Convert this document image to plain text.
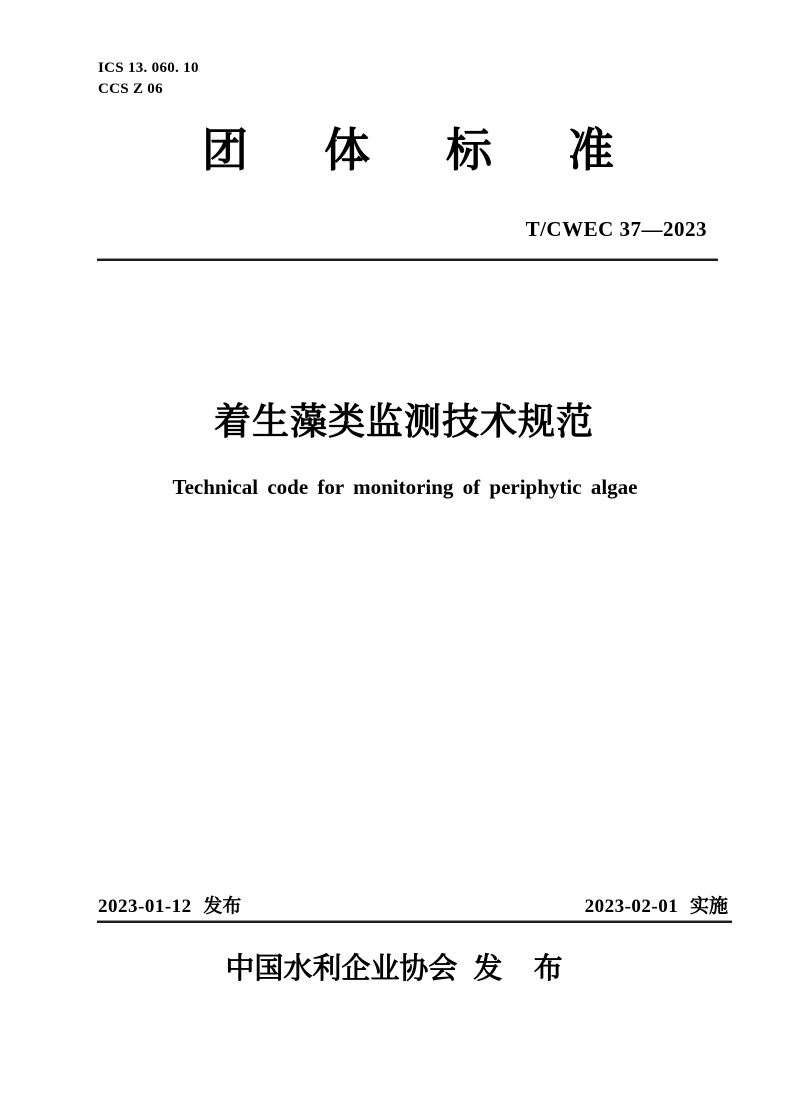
ICS 13. 060. 10
CCS Z 06
团体标准
T/CWEC 37—2023
着生藻类监测技术规范
Technical code for monitoring of periphytic algae
2023-01-12 发布	2023-02-01 实施
中国水利企业协会 发 布
